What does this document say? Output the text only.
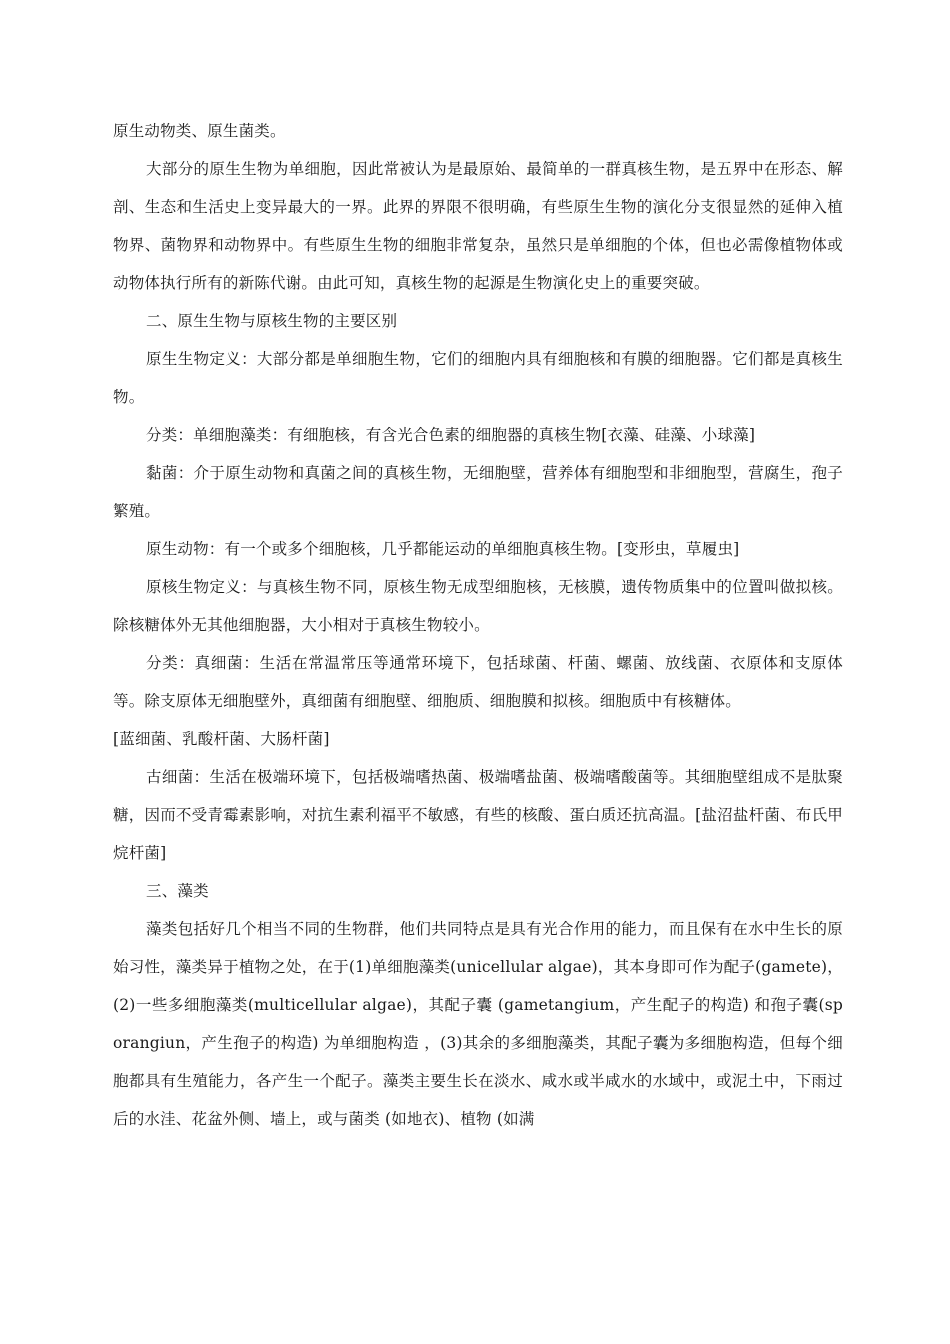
原生动物类、原生菌类。

大部分的原生生物为单细胞，因此常被认为是最原始、最简单的一群真核生物，是五界中在形态、解剖、生态和生活史上变异最大的一界。此界的界限不很明确，有些原生生物的演化分支很显然的延伸入植物界、菌物界和动物界中。有些原生生物的细胞非常复杂，虽然只是单细胞的个体，但也必需像植物体或动物体执行所有的新陈代谢。由此可知，真核生物的起源是生物演化史上的重要突破。

二、原生生物与原核生物的主要区别

原生生物定义：大部分都是单细胞生物，它们的细胞内具有细胞核和有膜的细胞器。它们都是真核生物。

分类：单细胞藻类：有细胞核，有含光合色素的细胞器的真核生物[衣藻、硅藻、小球藻]

黏菌：介于原生动物和真菌之间的真核生物，无细胞壁，营养体有细胞型和非细胞型，营腐生，孢子繁殖。

原生动物：有一个或多个细胞核，几乎都能运动的单细胞真核生物。[变形虫，草履虫]

原核生物定义：与真核生物不同，原核生物无成型细胞核，无核膜，遗传物质集中的位置叫做拟核。除核糖体外无其他细胞器，大小相对于真核生物较小。

分类：真细菌：生活在常温常压等通常环境下，包括球菌、杆菌、螺菌、放线菌、衣原体和支原体等。除支原体无细胞壁外，真细菌有细胞壁、细胞质、细胞膜和拟核。细胞质中有核糖体。

[蓝细菌、乳酸杆菌、大肠杆菌]

古细菌：生活在极端环境下，包括极端嗜热菌、极端嗜盐菌、极端嗜酸菌等。其细胞壁组成不是肽聚糖，因而不受青霉素影响，对抗生素利福平不敏感，有些的核酸、蛋白质还抗高温。[盐沼盐杆菌、布氏甲烷杆菌]

三、藻类

藻类包括好几个相当不同的生物群，他们共同特点是具有光合作用的能力，而且保有在水中生长的原始习性，藻类异于植物之处，在于(1)单细胞藻类(unicellular algae)，其本身即可作为配子(gamete)，(2)一些多细胞藻类(multicellular algae)，其配子囊 (gametangium，产生配子的构造) 和孢子囊(sporangiun，产生孢子的构造) 为单细胞构造 ，(3)其余的多细胞藻类，其配子囊为多细胞构造，但每个细胞都具有生殖能力，各产生一个配子。藻类主要生长在淡水、咸水或半咸水的水域中，或泥土中，下雨过后的水洼、花盆外侧、墙上，或与菌类 (如地衣)、植物 (如满
